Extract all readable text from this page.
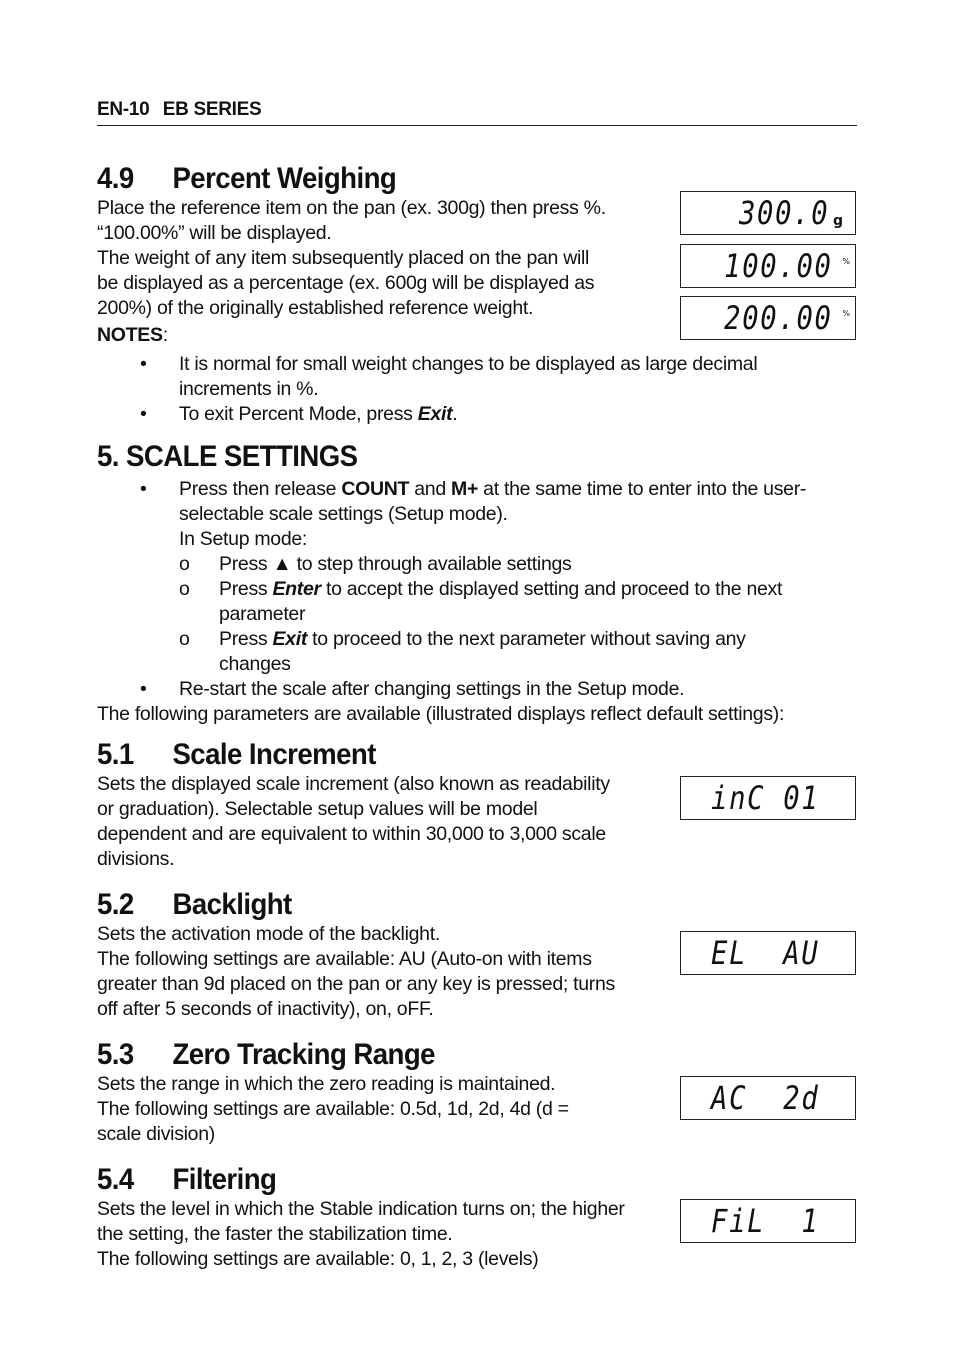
EN-10 EB SERIES
4.9 Percent Weighing

Place the reference item on the pan (ex. 300g) then press %.

“100.00%” will be displayed.

The weight of any item subsequently placed on the pan will

be displayed as a percentage (ex. 600g will be displayed as

200%) of the originally established reference weight.

NOTES:

• It is normal for small weight changes to be displayed as large decimal
increments in %.
• To exit Percent Mode, press Exit.
300.0 g
100.00 %
200.00 %
5. SCALE SETTINGS
• Press then release COUNT and M+ at the same time to enter into the user-
selectable scale settings (Setup mode).
In Setup mode:
o Press ▲ to step through available settings
o Press Enter to accept the displayed setting and proceed to the next
parameter
o Press Exit to proceed to the next parameter without saving any
changes
• Re-start the scale after changing settings in the Setup mode.

The following parameters are available (illustrated displays reflect default settings):

5.1 Scale Increment

Sets the displayed scale increment (also known as readability

or graduation). Selectable setup values will be model

dependent and are equivalent to within 30,000 to 3,000 scale

divisions.

inC 01
5.2 Backlight

Sets the activation mode of the backlight.

The following settings are available: AU (Auto-on with items

greater than 9d placed on the pan or any key is pressed; turns

off after 5 seconds of inactivity), on, oFF.

EL  AU
5.3 Zero Tracking Range

Sets the range in which the zero reading is maintained.

The following settings are available: 0.5d, 1d, 2d, 4d (d =

scale division)

AC  2d
5.4 Filtering

Sets the level in which the Stable indication turns on; the higher

the setting, the faster the stabilization time.

The following settings are available: 0, 1, 2, 3 (levels)

FiL  1
